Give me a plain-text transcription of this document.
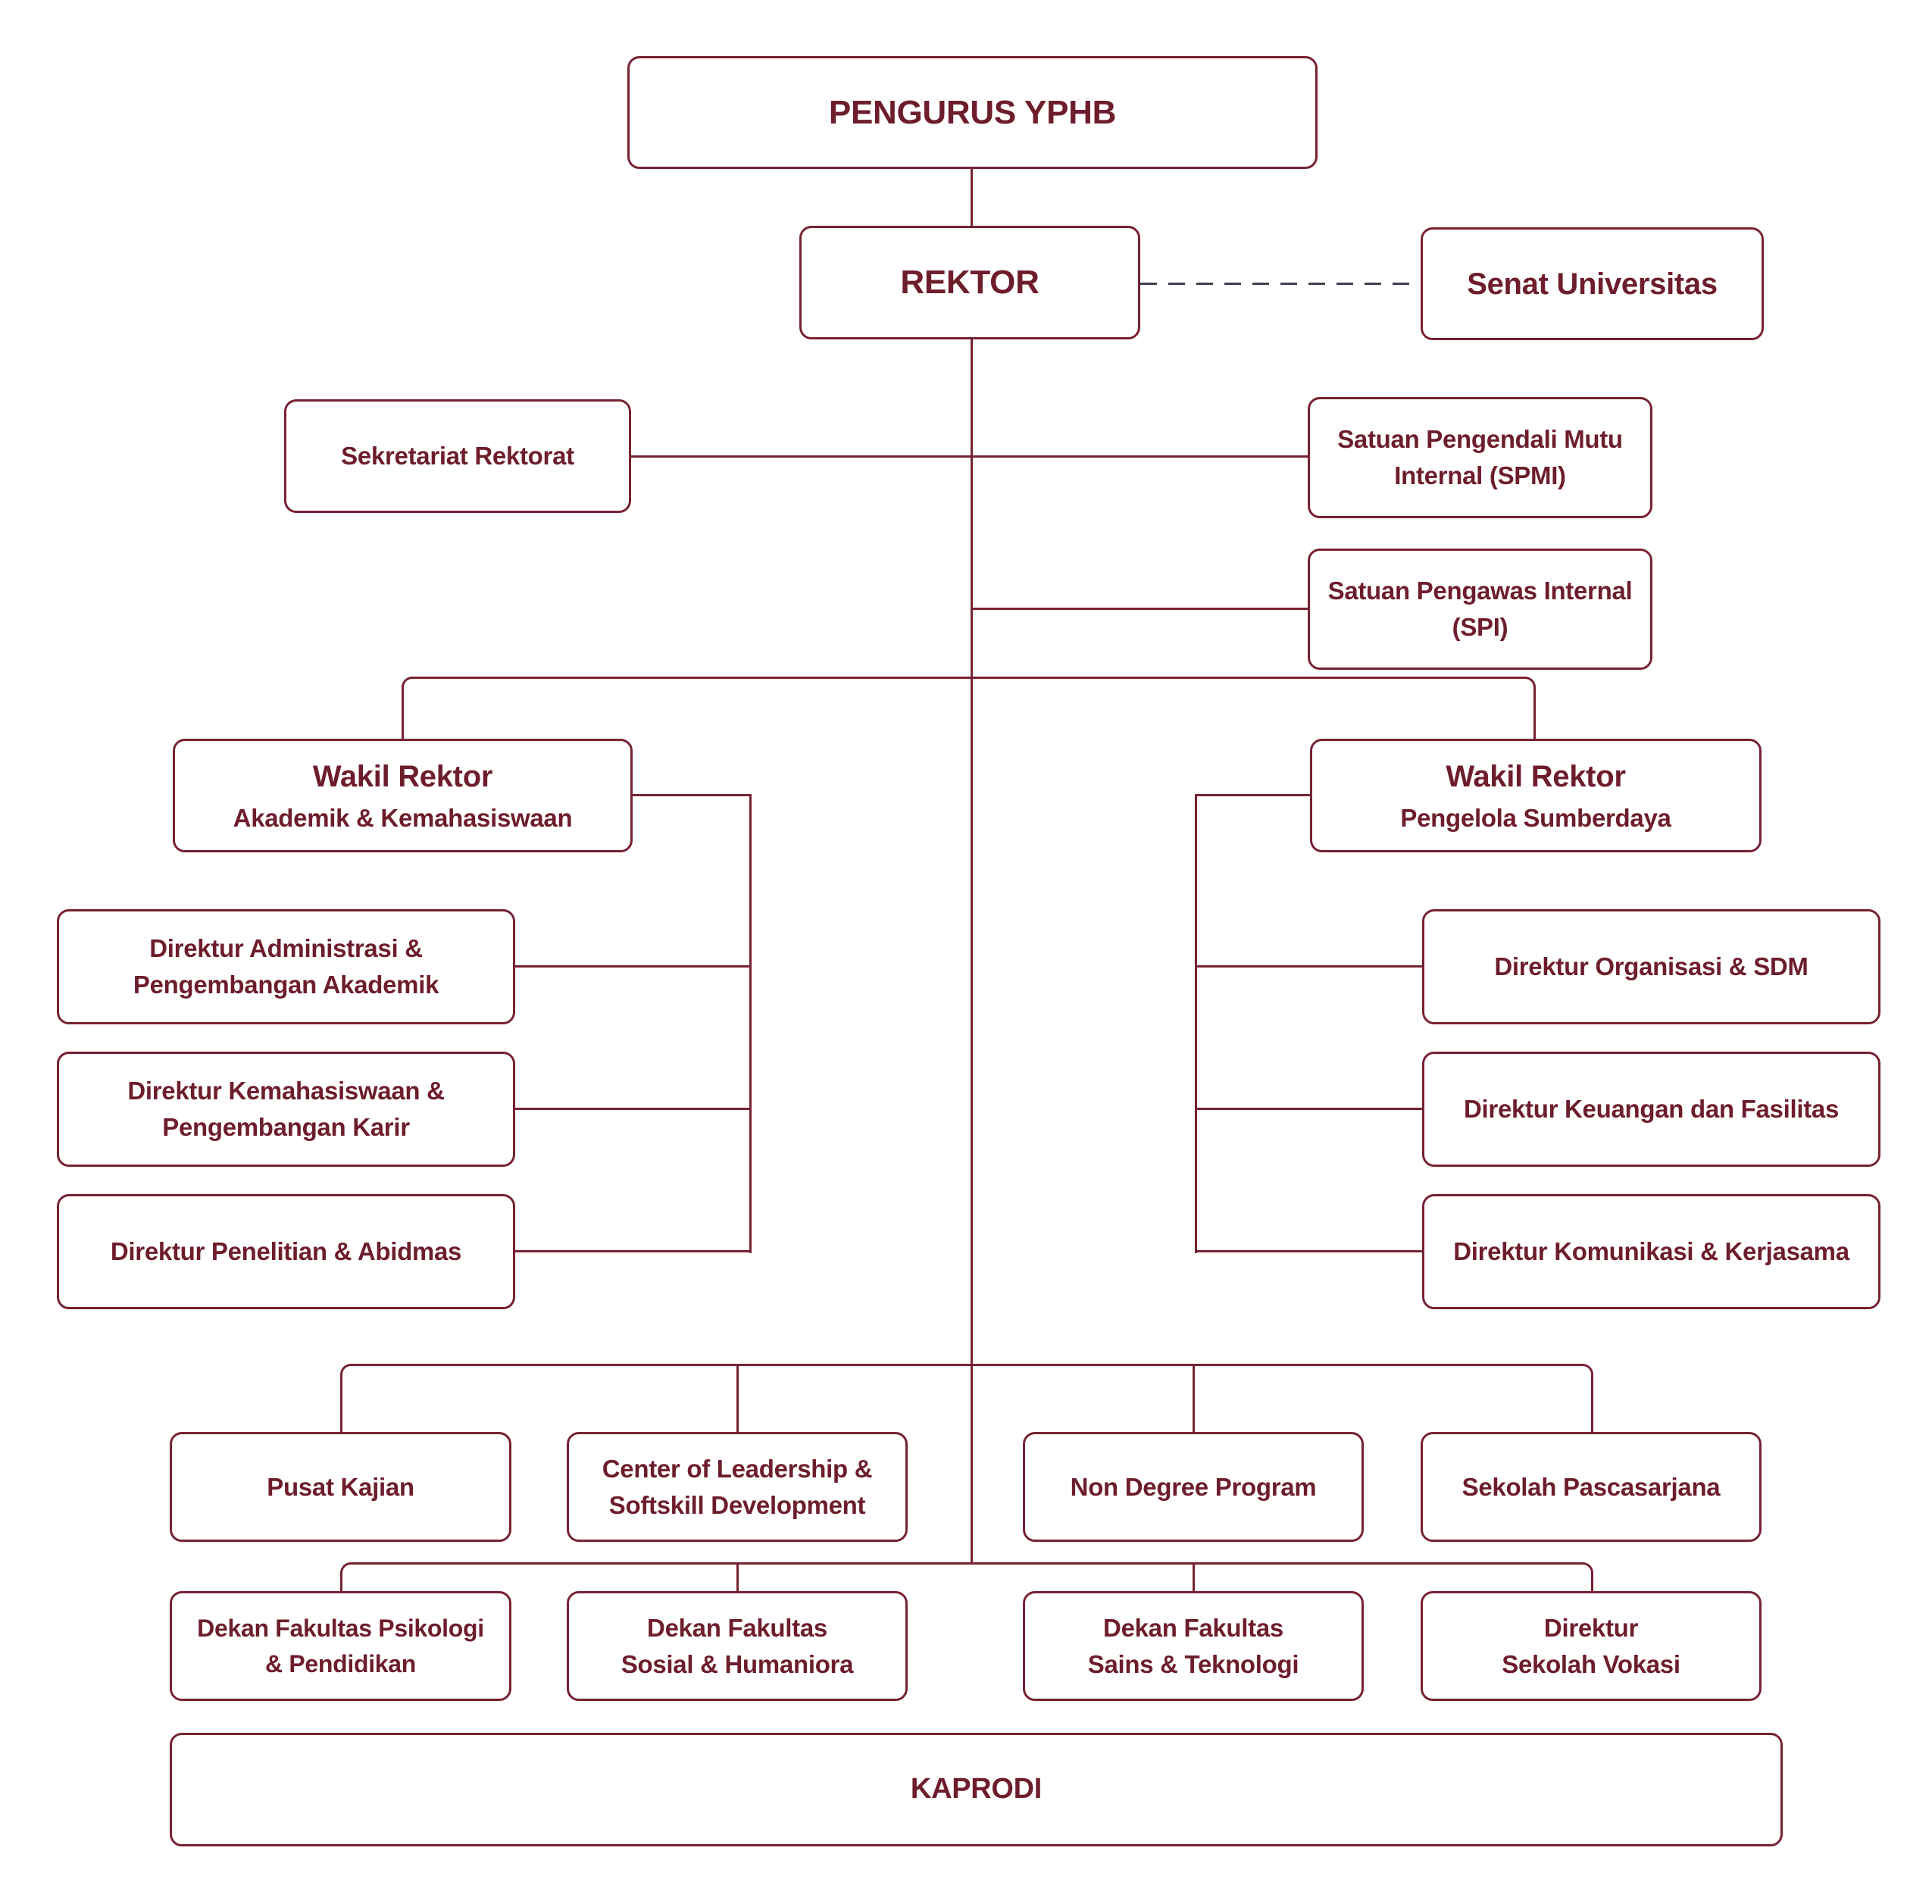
PENGURUS YPHB
REKTOR	Senat Universitas
Sekretariat Rektorat
Satuan Pengendali Mutu
Internal (SPMI)
Satuan Pengawas Internal
(SPI)
Wakil Rektor
Akademik & Kemahasiswaan
Wakil Rektor
Pengelola Sumberdaya
Direktur Administrasi &
Pengembangan Akademik
Direktur Kemahasiswaan &
Pengembangan Karir
Direktur Penelitian & Abidmas
Direktur Organisasi & SDM
Direktur Keuangan dan Fasilitas
Direktur Komunikasi & Kerjasama
Pusat Kajian
Center of Leadership &
Softskill Development
Non Degree Program	Sekolah Pascasarjana
Dekan Fakultas Psikologi
& Pendidikan
Dekan Fakultas
Sosial & Humaniora
Dekan Fakultas
Sains & Teknologi
Direktur
Sekolah Vokasi
KAPRODI
